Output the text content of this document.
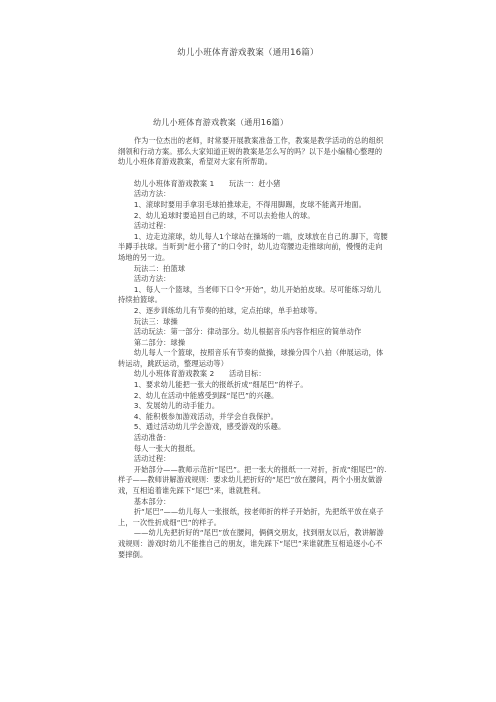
幼儿小班体育游戏教案（通用16篇）
幼儿小班体育游戏教案（通用16篇）

作为一位杰出的老师，时常要开展教案准备工作，教案是教学活动的总的组织纲领和行动方案。那么大家知道正规的教案是怎么写的吗？以下是小编精心整理的幼儿小班体育游戏教案，希望对大家有所帮助。

幼儿小班体育游戏教案 1　　玩法一：赶小猪

活动方法：

1、滚球时要用手拿羽毛球拍推球走，不得用脚踢，皮球不能离开地面。

2、幼儿追球时要追回自己的球，不可以去抢他人的球。

活动过程：

1、边走边滚球，幼儿每人1个球站在操场的一端，皮球放在自己的.脚下，弯腰半蹲手扶球。当听到“赶小猪了”的口令时，幼儿边弯腰边走推球向前，慢慢的走向场地的另一边。

玩法二：拍篮球

活动方法：

1、每人一个篮球，当老师下口令“开始”，幼儿开始拍皮球。尽可能练习幼儿持续拍篮球。

2、逐步训练幼儿有节奏的拍球，定点拍球，单手拍球等。

玩法三：球操

活动玩法：第一部分：律动部分。幼儿根据音乐内容作相应的简单动作

第二部分：球操

幼儿每人一个篮球，按照音乐有节奏的做操，球操分四个八拍（伸展运动，体转运动，跳跃运动，整理运动等）

幼儿小班体育游戏教案 2　　活动目标：

1、要求幼儿能把一张大的报纸折成“细尾巴”的样子。

2、幼儿在活动中能感受到踩“尾巴”的兴趣。

3、发展幼儿的动手能力。

4、能积极参加游戏活动，并学会自我保护。

5、通过活动幼儿学会游戏，感受游戏的乐趣。

活动准备：

每人一张大的报纸。

活动过程：

开始部分——教师示范折“尾巴”。把一张大的报纸一一对折，折成“细尾巴”的.样子——教师讲解游戏规则：要求幼儿把折好的“尾巴”放在腰间，两个小朋友做游戏，互相追着谁先踩下“尾巴”来，谁就胜利。

基本部分：

折“尾巴”——幼儿每人一张报纸，按老师折的样子开始折，先把纸平放在桌子上，一次性折成细“巴”的样子。

——幼儿先把折好的“尾巴”放在腰间，俩俩交朋友，找到朋友以后，教讲解游戏规则：游戏时幼儿不能推自己的朋友，谁先踩下“尾巴”来谁就胜互相追逐小心不要摔倒。
